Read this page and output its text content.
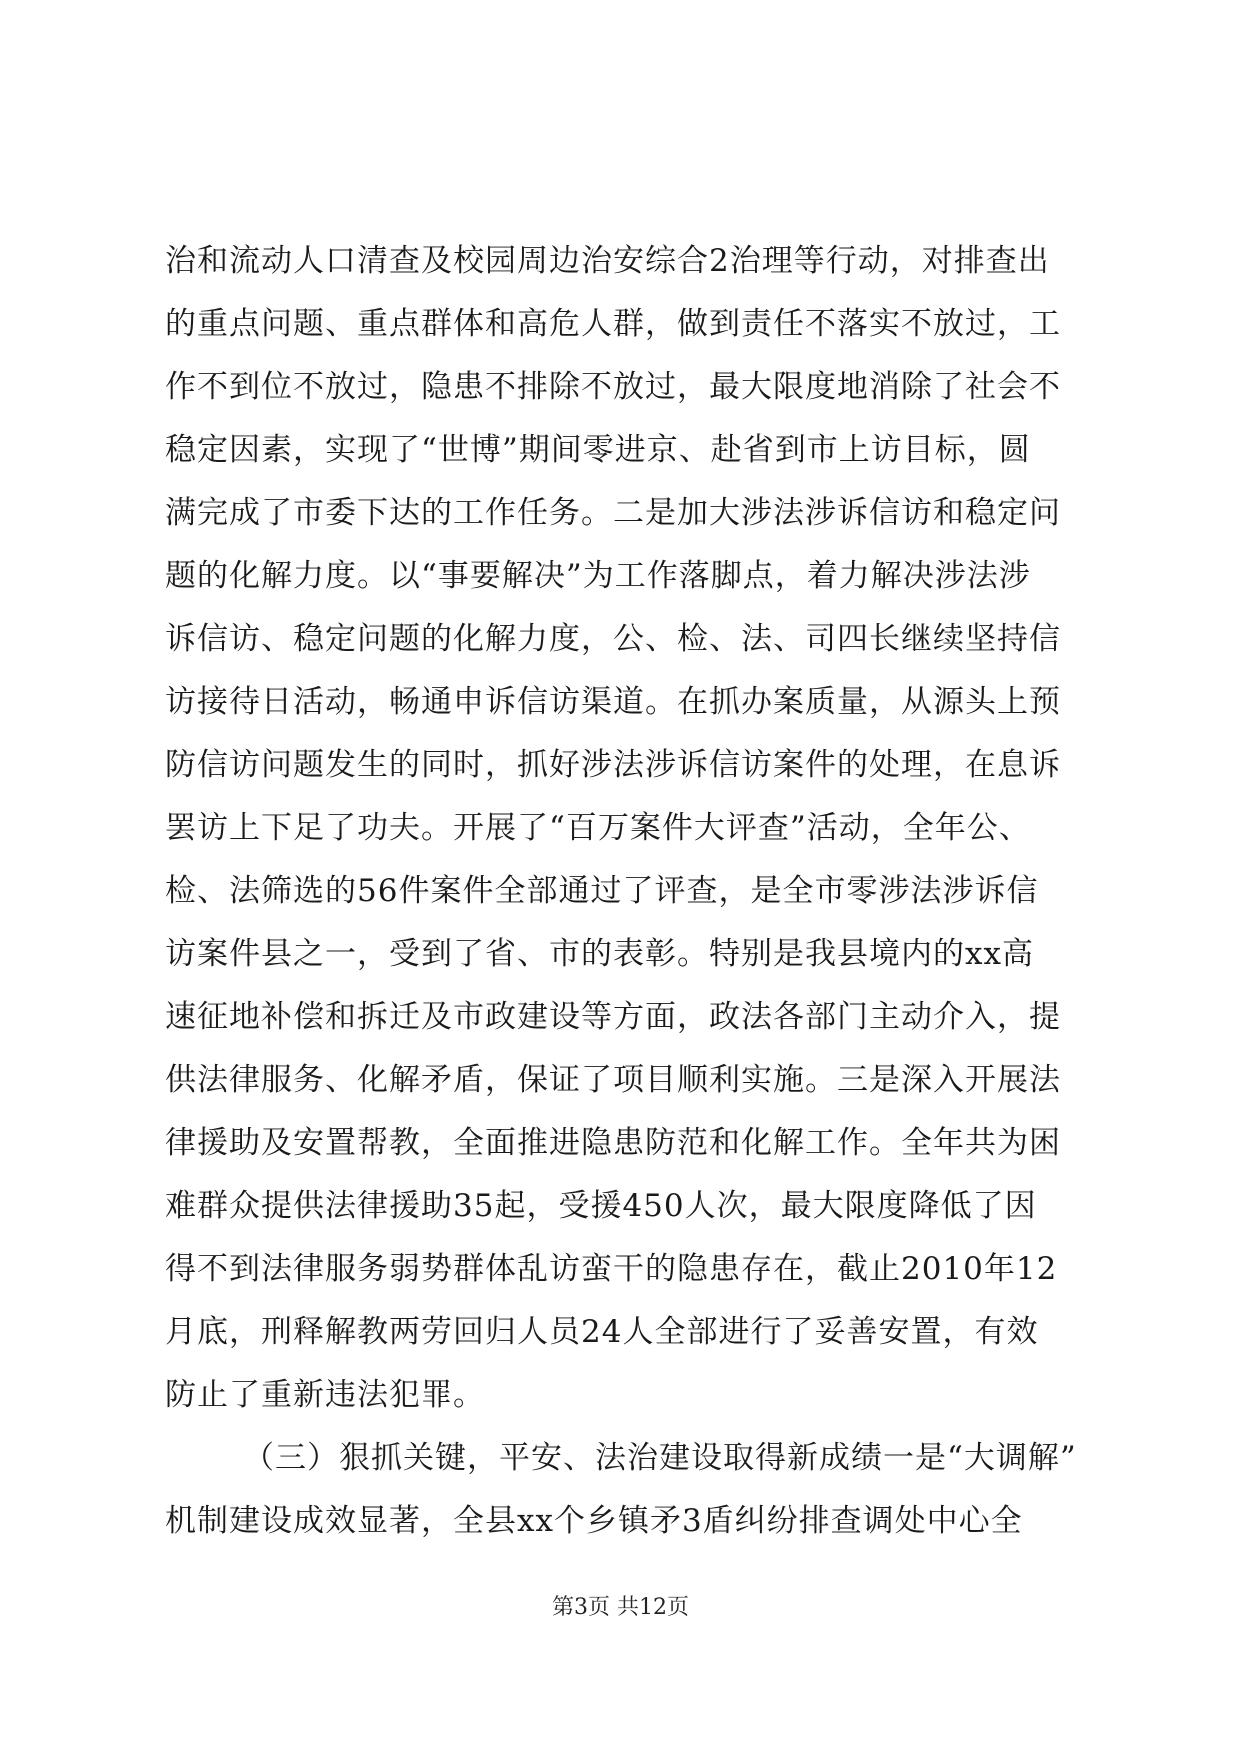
治和流动人口清查及校园周边治安综合2治理等行动，对排查出
的重点问题、重点群体和高危人群，做到责任不落实不放过，工
作不到位不放过，隐患不排除不放过，最大限度地消除了社会不
稳定因素，实现了“世博”期间零进京、赴省到市上访目标，圆
满完成了市委下达的工作任务。二是加大涉法涉诉信访和稳定问
题的化解力度。以“事要解决”为工作落脚点，着力解决涉法涉
诉信访、稳定问题的化解力度，公、检、法、司四长继续坚持信
访接待日活动，畅通申诉信访渠道。在抓办案质量，从源头上预
防信访问题发生的同时，抓好涉法涉诉信访案件的处理，在息诉
罢访上下足了功夫。开展了“百万案件大评查”活动，全年公、
检、法筛选的56件案件全部通过了评查，是全市零涉法涉诉信
访案件县之一，受到了省、市的表彰。特别是我县境内的xx高
速征地补偿和拆迁及市政建设等方面，政法各部门主动介入，提
供法律服务、化解矛盾，保证了项目顺利实施。三是深入开展法
律援助及安置帮教，全面推进隐患防范和化解工作。全年共为困
难群众提供法律援助35起，受援450人次，最大限度降低了因
得不到法律服务弱势群体乱访蛮干的隐患存在，截止2010年12
月底，刑释解教两劳回归人员24人全部进行了妥善安置，有效
防止了重新违法犯罪。
（三）狠抓关键，平安、法治建设取得新成绩一是“大调解”
机制建设成效显著，全县xx个乡镇矛3盾纠纷排查调处中心全
第3页 共12页
